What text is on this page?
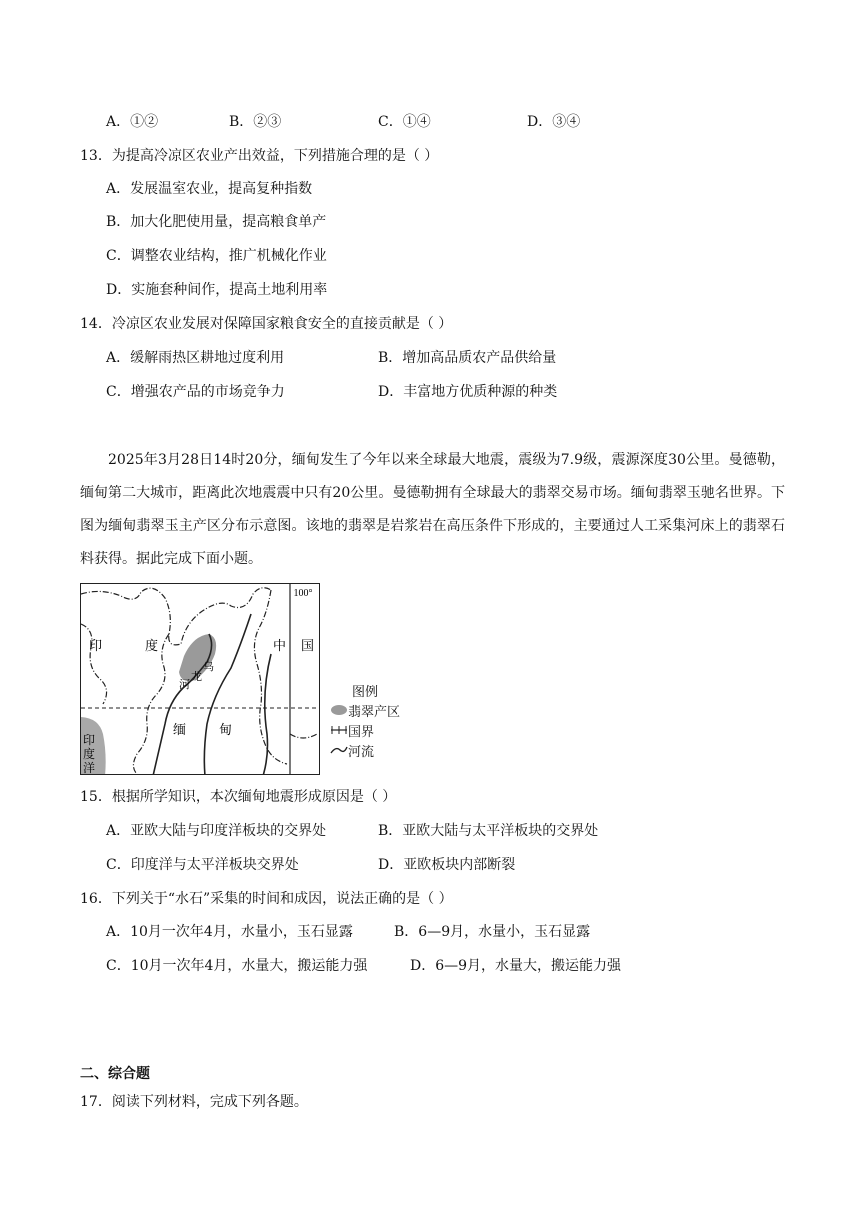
A．①②	B．②③	C．①④	D．③④
13．为提高冷凉区农业产出效益，下列措施合理的是（ ）
A．发展温室农业，提高复种指数
B．加大化肥使用量，提高粮食单产
C．调整农业结构，推广机械化作业
D．实施套种间作，提高土地利用率
14．冷凉区农业发展对保障国家粮食安全的直接贡献是（ ）
A．缓解雨热区耕地过度利用	B．增加高品质农产品供给量
C．增强农产品的市场竞争力	D．丰富地方优质种源的种类

2025年3月28日14时20分，缅甸发生了今年以来全球最大地震，震级为7.9级，震源深度30公里。曼德勒，缅甸第二大城市，距离此次地震震中只有20公里。曼德勒拥有全球最大的翡翠交易市场。缅甸翡翠玉驰名世界。下图为缅甸翡翠玉主产区分布示意图。该地的翡翠是岩浆岩在高压条件下形成的，主要通过人工采集河床上的翡翠石料获得。据此完成下面小题。

100°
印	度	中 国
缅	甸
乌
龙
河
印
度
洋
图例
翡翠产区
国界
河流
15．根据所学知识，本次缅甸地震形成原因是（ ）
A．亚欧大陆与印度洋板块的交界处	B．亚欧大陆与太平洋板块的交界处
C．印度洋与太平洋板块交界处	D．亚欧板块内部断裂
16．下列关于“水石”采集的时间和成因，说法正确的是（ ）
A．10月一次年4月，水量小，玉石显露	B．6—9月，水量小，玉石显露
C．10月一次年4月，水量大，搬运能力强	D．6—9月，水量大，搬运能力强
二、综合题
17．阅读下列材料，完成下列各题。
